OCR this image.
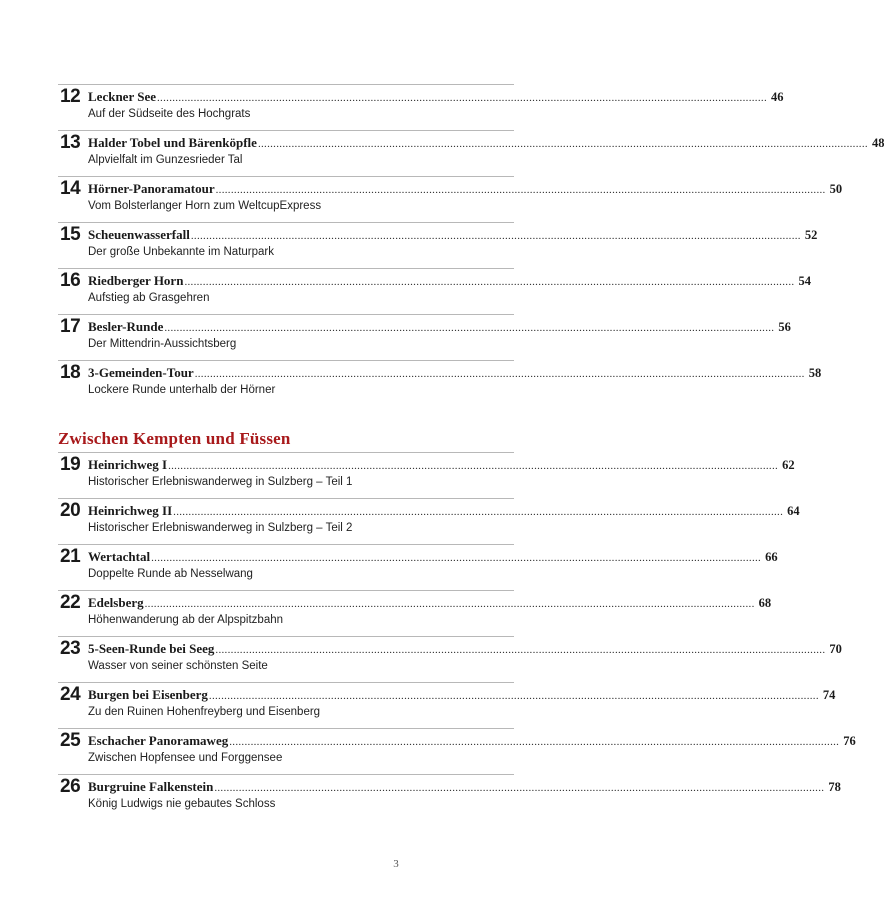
12 Leckner See ........................................................................................................................................................................................................ 46
Auf der Südseite des Hochgrats
13 Halder Tobel und Bärenköpfle ........................................................................................................................................................................................................ 48
Alpvielfalt im Gunzesrieder Tal
14 Hörner-Panoramatour ........................................................................................................................................................................................................ 50
Vom Bolsterlanger Horn zum WeltcupExpress
15 Scheuenwasserfall ........................................................................................................................................................................................................ 52
Der große Unbekannte im Naturpark
16 Riedberger Horn ........................................................................................................................................................................................................ 54
Aufstieg ab Grasgehren
17 Besler-Runde ........................................................................................................................................................................................................ 56
Der Mittendrin-Aussichtsberg
18 3-Gemeinden-Tour ........................................................................................................................................................................................................ 58
Lockere Runde unterhalb der Hörner
Zwischen Kempten und Füssen
19 Heinrichweg I ........................................................................................................................................................................................................ 62
Historischer Erlebniswanderweg in Sulzberg – Teil 1
20 Heinrichweg II ........................................................................................................................................................................................................ 64
Historischer Erlebniswanderweg in Sulzberg – Teil 2
21 Wertachtal ........................................................................................................................................................................................................ 66
Doppelte Runde ab Nesselwang
22 Edelsberg ........................................................................................................................................................................................................ 68
Höhenwanderung ab der Alpspitzbahn
23 5-Seen-Runde bei Seeg ........................................................................................................................................................................................................ 70
Wasser von seiner schönsten Seite
24 Burgen bei Eisenberg ........................................................................................................................................................................................................ 74
Zu den Ruinen Hohenfreyberg und Eisenberg
25 Eschacher Panoramaweg ........................................................................................................................................................................................................ 76
Zwischen Hopfensee und Forggensee
26 Burgruine Falkenstein ........................................................................................................................................................................................................ 78
König Ludwigs nie gebautes Schloss
3
